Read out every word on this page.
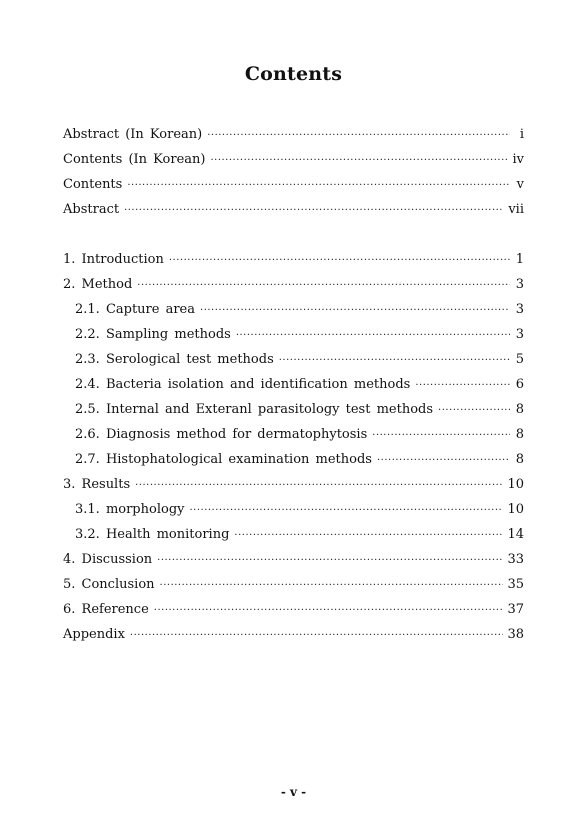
Contents
Abstract (In Korean) ·····	i
Contents (In Korean) ·····	iv
Contents ·····	v
Abstract ·····	vii
1. Introduction ·····	1
2. Method ·····	3
2.1. Capture area ·····	3
2.2. Sampling methods ·····	3
2.3. Serological test methods ·····	5
2.4. Bacteria isolation and identification methods ·····	6
2.5. Internal and Exteranl parasitology test methods ·····	8
2.6. Diagnosis method for dermatophytosis ·····	8
2.7. Histophatological examination methods ·····	8
3. Results ·····	10
3.1. morphology ·····	10
3.2. Health monitoring ·····	14
4. Discussion ·····	33
5. Conclusion ·····	35
6. Reference ·····	37
Appendix ·····	38
- v -
